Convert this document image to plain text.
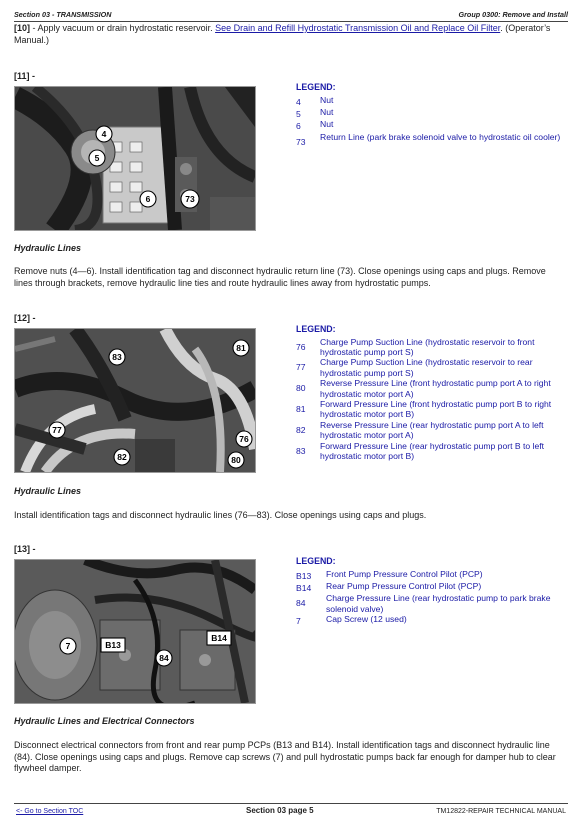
Section 03 - TRANSMISSION	Group 0300: Remove and Install
[10] - Apply vacuum or drain hydrostatic reservoir. See Drain and Refill Hydrostatic Transmission Oil and Replace Oil Filter. (Operator’s Manual.)
[11] -
4
5
6	73
LEGEND:
4	Nut
5	Nut
6	Nut
73	Return Line (park brake solenoid valve to hydrostatic oil cooler)
Hydraulic Lines
Remove nuts (4—6). Install identification tag and disconnect hydraulic return line (73). Close openings using caps and plugs. Remove lines through brackets, remove hydraulic line ties and route hydraulic lines away from hydrostatic pumps.
[12] -
83
81
77
76
82	80
LEGEND:
76	Charge Pump Suction Line (hydrostatic reservoir to front hydrostatic pump port S)
77	Charge Pump Suction Line (hydrostatic reservoir to rear hydrostatic pump port S)
80	Reverse Pressure Line (front hydrostatic pump port A to right hydrostatic motor port A)
81	Forward Pressure Line (front hydrostatic pump port B to right hydrostatic motor port B)
82	Reverse Pressure Line (rear hydrostatic pump port A to left hydrostatic motor port A)
83	Forward Pressure Line (rear hydrostatic pump port B to left hydrostatic motor port B)
Hydraulic Lines
Install identification tags and disconnect hydraulic lines (76—83). Close openings using caps and plugs.
[13] -
7	B13
B14
84
LEGEND:
B13	Front Pump Pressure Control Pilot (PCP)
B14	Rear Pump Pressure Control Pilot (PCP)
84	Charge Pressure Line (rear hydrostatic pump to park brake solenoid valve)
7	Cap Screw (12 used)
Hydraulic Lines and Electrical Connectors
Disconnect electrical connectors from front and rear pump PCPs (B13 and B14). Install identification tags and disconnect hydraulic line (84). Close openings using caps and plugs. Remove cap screws (7) and pull hydrostatic pumps back far enough for damper hub to clear flywheel damper.
<- Go to Section TOC	Section 03 page 5	TM12822-REPAIR TECHNICAL MANUAL
